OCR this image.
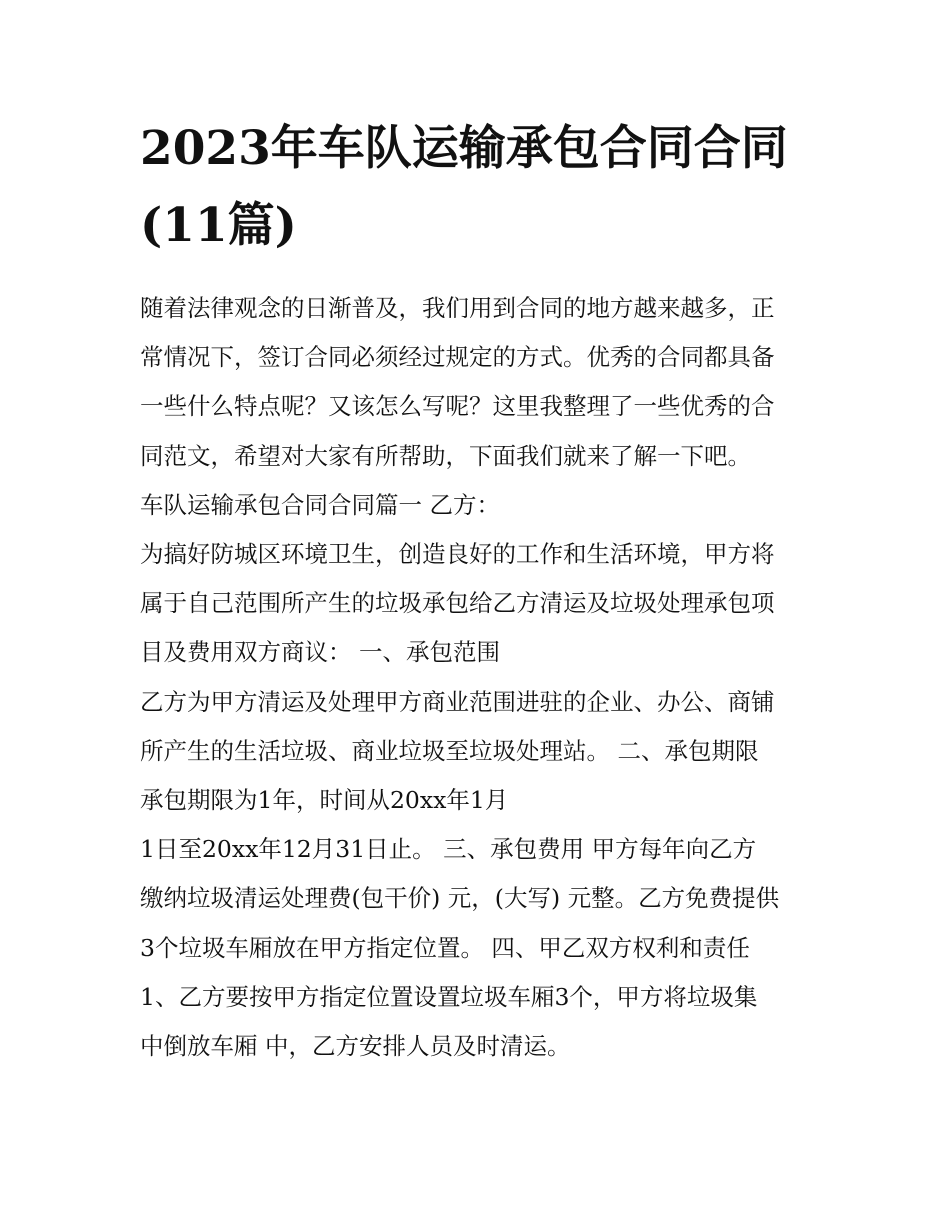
2023年车队运输承包合同合同
(11篇)

随着法律观念的日渐普及，我们用到合同的地方越来越多，正

常情况下，签订合同必须经过规定的方式。优秀的合同都具备

一些什么特点呢？又该怎么写呢？这里我整理了一些优秀的合

同范文，希望对大家有所帮助，下面我们就来了解一下吧。

车队运输承包合同合同篇一 乙方：

为搞好防城区环境卫生，创造良好的工作和生活环境，甲方将

属于自己范围所产生的垃圾承包给乙方清运及垃圾处理承包项

目及费用双方商议： 一、承包范围

乙方为甲方清运及处理甲方商业范围进驻的企业、办公、商铺

所产生的生活垃圾、商业垃圾至垃圾处理站。 二、承包期限

承包期限为1年，时间从20xx年1月

1日至20xx年12月31日止。 三、承包费用 甲方每年向乙方

缴纳垃圾清运处理费(包干价) 元，(大写) 元整。乙方免费提供

3个垃圾车厢放在甲方指定位置。 四、甲乙双方权利和责任

1、乙方要按甲方指定位置设置垃圾车厢3个，甲方将垃圾集

中倒放车厢 中，乙方安排人员及时清运。
